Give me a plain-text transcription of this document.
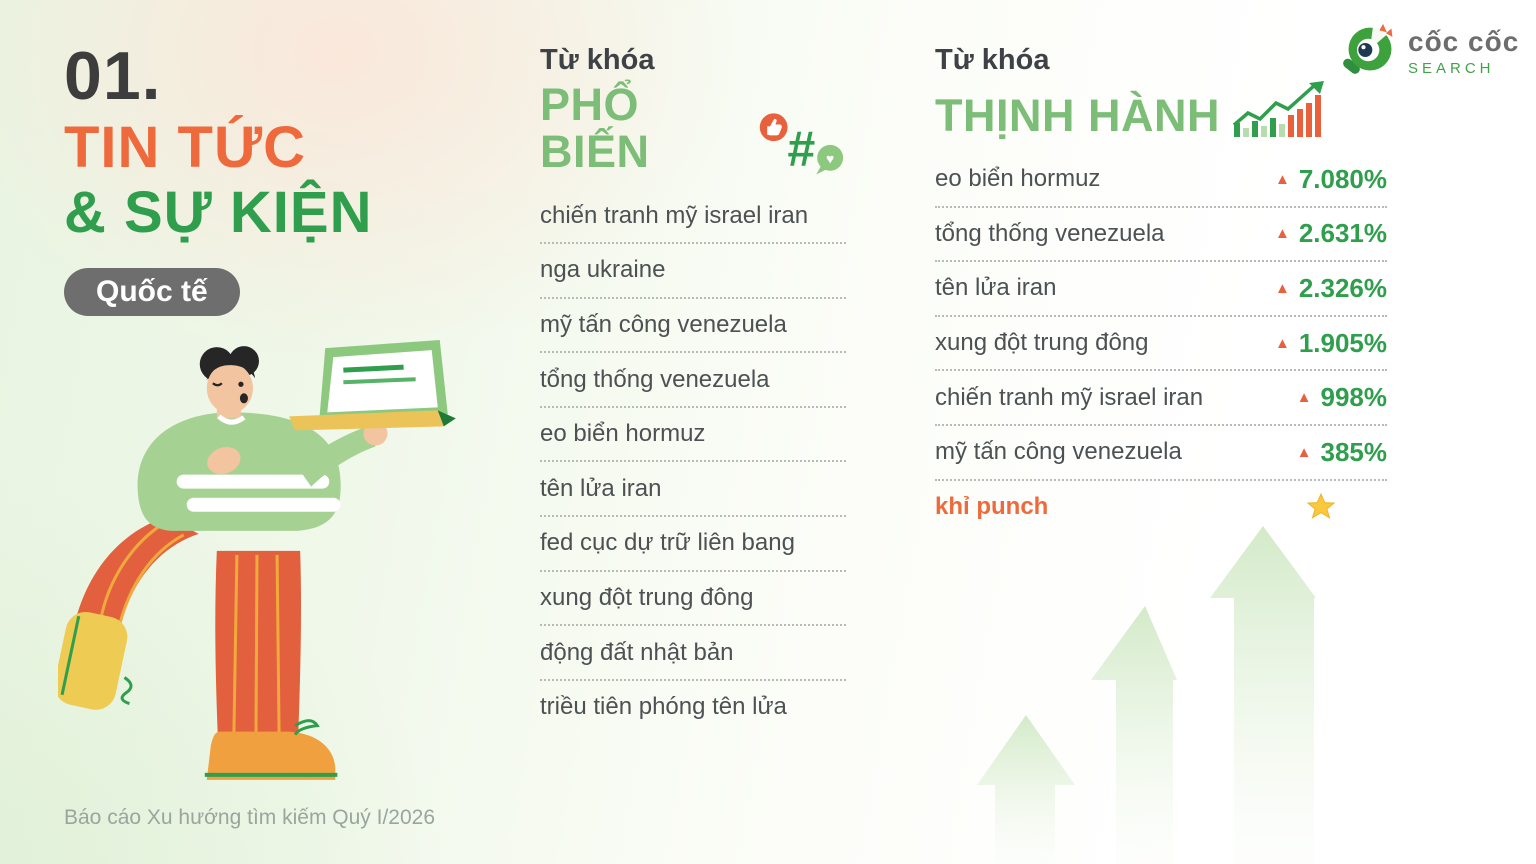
01.
TIN TỨC
& SỰ KIỆN
Quốc tế
Từ khóa
PHỔ BIẾN	# ♥
chiến tranh mỹ israel iran
nga ukraine
mỹ tấn công venezuela
tổng thống venezuela
eo biển hormuz
tên lửa iran
fed cục dự trữ liên bang
xung đột trung đông
động đất nhật bản
triều tiên phóng tên lửa
Từ khóa
THỊNH HÀNH
eo biển hormuz	▲ 7.080%
tổng thống venezuela	▲ 2.631%
tên lửa iran	▲ 2.326%
xung đột trung đông	▲ 1.905%
chiến tranh mỹ israel iran	▲ 998%
mỹ tấn công venezuela	▲ 385%
khỉ punch
cốc cốc
SEARCH
Báo cáo Xu hướng tìm kiếm Quý I/2026
